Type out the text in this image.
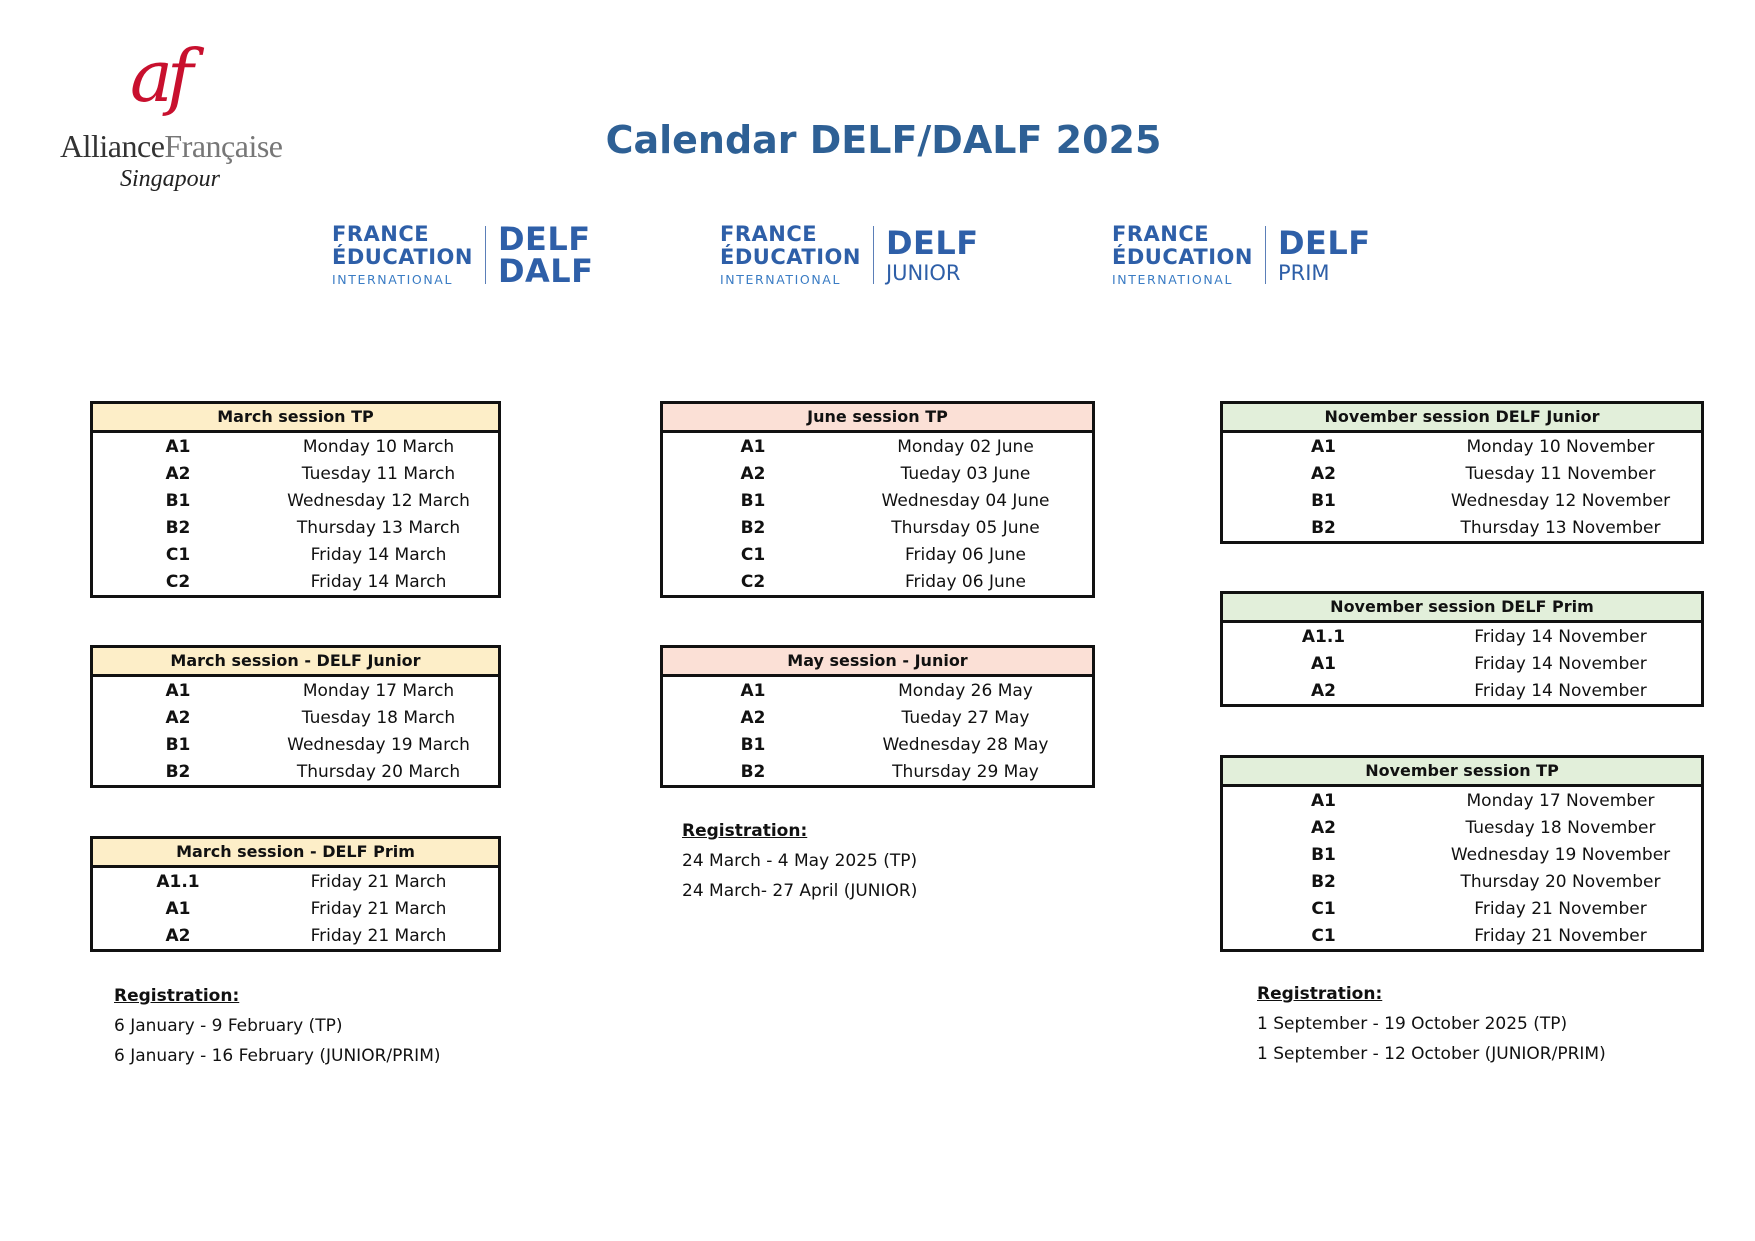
af
AllianceFrançaise
Singapour
Calendar DELF/DALF 2025
FRANCE
ÉDUCATION
INTERNATIONAL
DELF
DALF
FRANCE
ÉDUCATION
INTERNATIONAL
DELF
JUNIOR
FRANCE
ÉDUCATION
INTERNATIONAL
DELF
PRIM
March session TP
A1	Monday 10 March
A2	Tuesday 11 March
B1	Wednesday 12 March
B2	Thursday 13 March
C1	Friday 14 March
C2	Friday 14 March
March session - DELF Junior
A1	Monday 17 March
A2	Tuesday 18 March
B1	Wednesday 19 March
B2	Thursday 20 March
March session - DELF Prim
A1.1	Friday 21 March
A1	Friday 21 March
A2	Friday 21 March
June session TP
A1	Monday 02 June
A2	Tueday 03 June
B1	Wednesday 04 June
B2	Thursday 05 June
C1	Friday 06 June
C2	Friday 06 June
May session - Junior
A1	Monday 26 May
A2	Tueday 27 May
B1	Wednesday 28 May
B2	Thursday 29 May
November session DELF Junior
A1	Monday 10 November
A2	Tuesday 11 November
B1	Wednesday 12 November
B2	Thursday 13 November
November session DELF Prim
A1.1	Friday 14 November
A1	Friday 14 November
A2	Friday 14 November
November session TP
A1	Monday 17 November
A2	Tuesday 18 November
B1	Wednesday 19 November
B2	Thursday 20 November
C1	Friday 21 November
C1	Friday 21 November
Registration:
6 January - 9 February (TP)
6 January - 16 February (JUNIOR/PRIM)
Registration:
24 March - 4 May 2025 (TP)
24 March- 27 April (JUNIOR)
Registration:
1 September - 19 October 2025 (TP)
1 September - 12 October (JUNIOR/PRIM)
